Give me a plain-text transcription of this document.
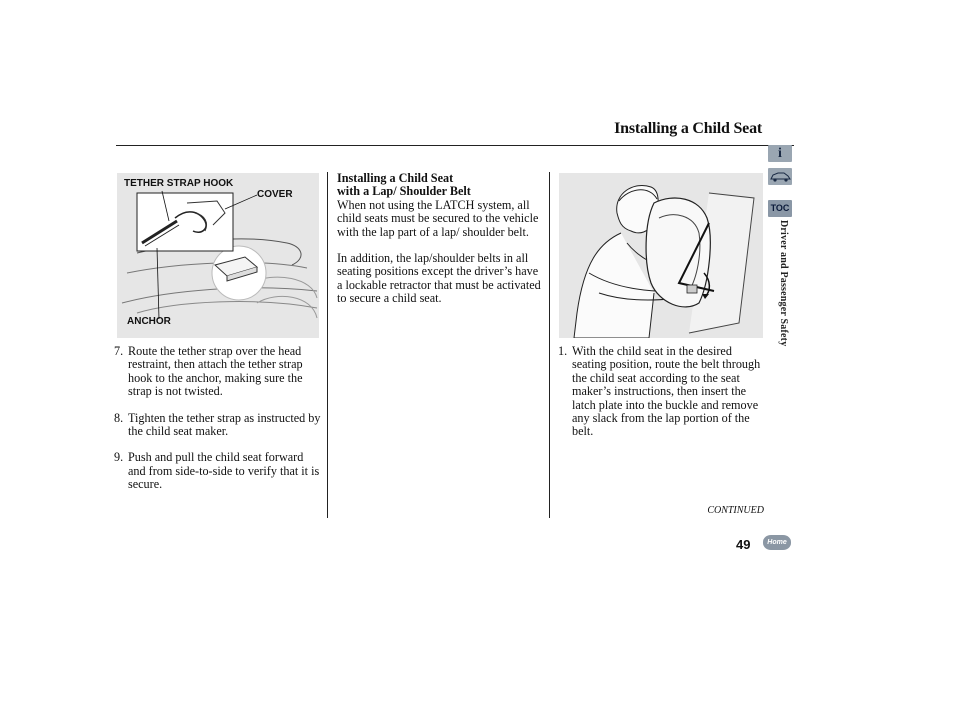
Installing a Child Seat
TETHER STRAP HOOK
COVER
ANCHOR
7. Route the tether strap over the head restraint, then attach the tether strap hook to the anchor, making sure the strap is not twisted.
8. Tighten the tether strap as instructed by the child seat maker.
9. Push and pull the child seat forward and from side-to-side to verify that it is secure.
Installing a Child Seat
with a Lap/ Shoulder Belt
When not using the LATCH system, all child seats must be secured to the vehicle with the lap part of a lap/ shoulder belt.
In addition, the lap/shoulder belts in all seating positions except the driver’s have a lockable retractor that must be activated to secure a child seat.
1. With the child seat in the desired seating position, route the belt through the child seat according to the seat maker’s instructions, then insert the latch plate into the buckle and remove any slack from the lap portion of the belt.
i
TOC
Driver and Passenger Safety
CONTINUED
49	Home
